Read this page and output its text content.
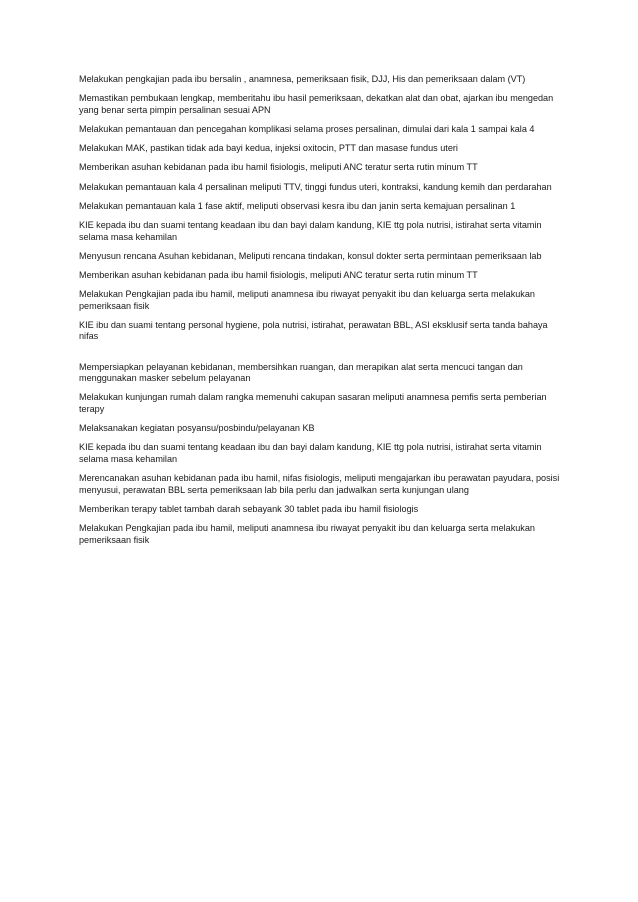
Melakukan pengkajian pada ibu bersalin , anamnesa, pemeriksaan fisik, DJJ, His dan pemeriksaan dalam (VT)

Memastikan pembukaan lengkap, memberitahu ibu hasil pemeriksaan, dekatkan alat dan obat, ajarkan ibu mengedan yang benar serta pimpin persalinan sesuai APN

Melakukan pemantauan dan pencegahan komplikasi selama proses persalinan, dimulai dari kala 1 sampai kala 4

Melakukan MAK, pastikan tidak ada bayi kedua, injeksi oxitocin, PTT dan masase fundus uteri

Memberikan asuhan kebidanan pada ibu hamil fisiologis, meliputi ANC teratur serta rutin minum TT

Melakukan pemantauan kala 4 persalinan meliputi TTV, tinggi fundus uteri, kontraksi, kandung kemih dan perdarahan

Melakukan pemantauan kala 1 fase aktif, meliputi observasi kesra ibu dan janin serta kemajuan persalinan 1

KIE kepada ibu dan suami tentang keadaan ibu dan bayi dalam kandung, KIE ttg pola nutrisi, istirahat serta vitamin selama masa kehamilan

Menyusun rencana Asuhan kebidanan, Meliputi rencana tindakan, konsul dokter serta permintaan pemeriksaan lab

Memberikan asuhan kebidanan pada ibu hamil fisiologis, meliputi ANC teratur serta rutin minum TT

Melakukan Pengkajian pada ibu hamil, meliputi anamnesa ibu riwayat penyakit ibu dan keluarga serta melakukan pemeriksaan fisik

KIE ibu dan suami tentang personal hygiene, pola nutrisi, istirahat, perawatan BBL, ASI eksklusif serta tanda bahaya nifas

Mempersiapkan pelayanan kebidanan, membersihkan ruangan, dan merapikan alat serta mencuci tangan dan menggunakan masker sebelum pelayanan

Melakukan kunjungan rumah dalam rangka memenuhi cakupan sasaran meliputi anamnesa pemfis serta pemberian terapy

Melaksanakan kegiatan posyansu/posbindu/pelayanan KB

KIE kepada ibu dan suami tentang keadaan ibu dan bayi dalam kandung, KIE ttg pola nutrisi, istirahat serta vitamin selama masa kehamilan

Merencanakan asuhan kebidanan pada ibu hamil, nifas fisiologis, meliputi mengajarkan ibu perawatan payudara, posisi menyusui, perawatan BBL serta pemeriksaan lab bila perlu dan jadwalkan serta kunjungan ulang

Memberikan terapy tablet tambah darah sebayank 30 tablet pada ibu hamil fisiologis

Melakukan Pengkajian pada ibu hamil, meliputi anamnesa ibu riwayat penyakit ibu dan keluarga serta melakukan pemeriksaan fisik
